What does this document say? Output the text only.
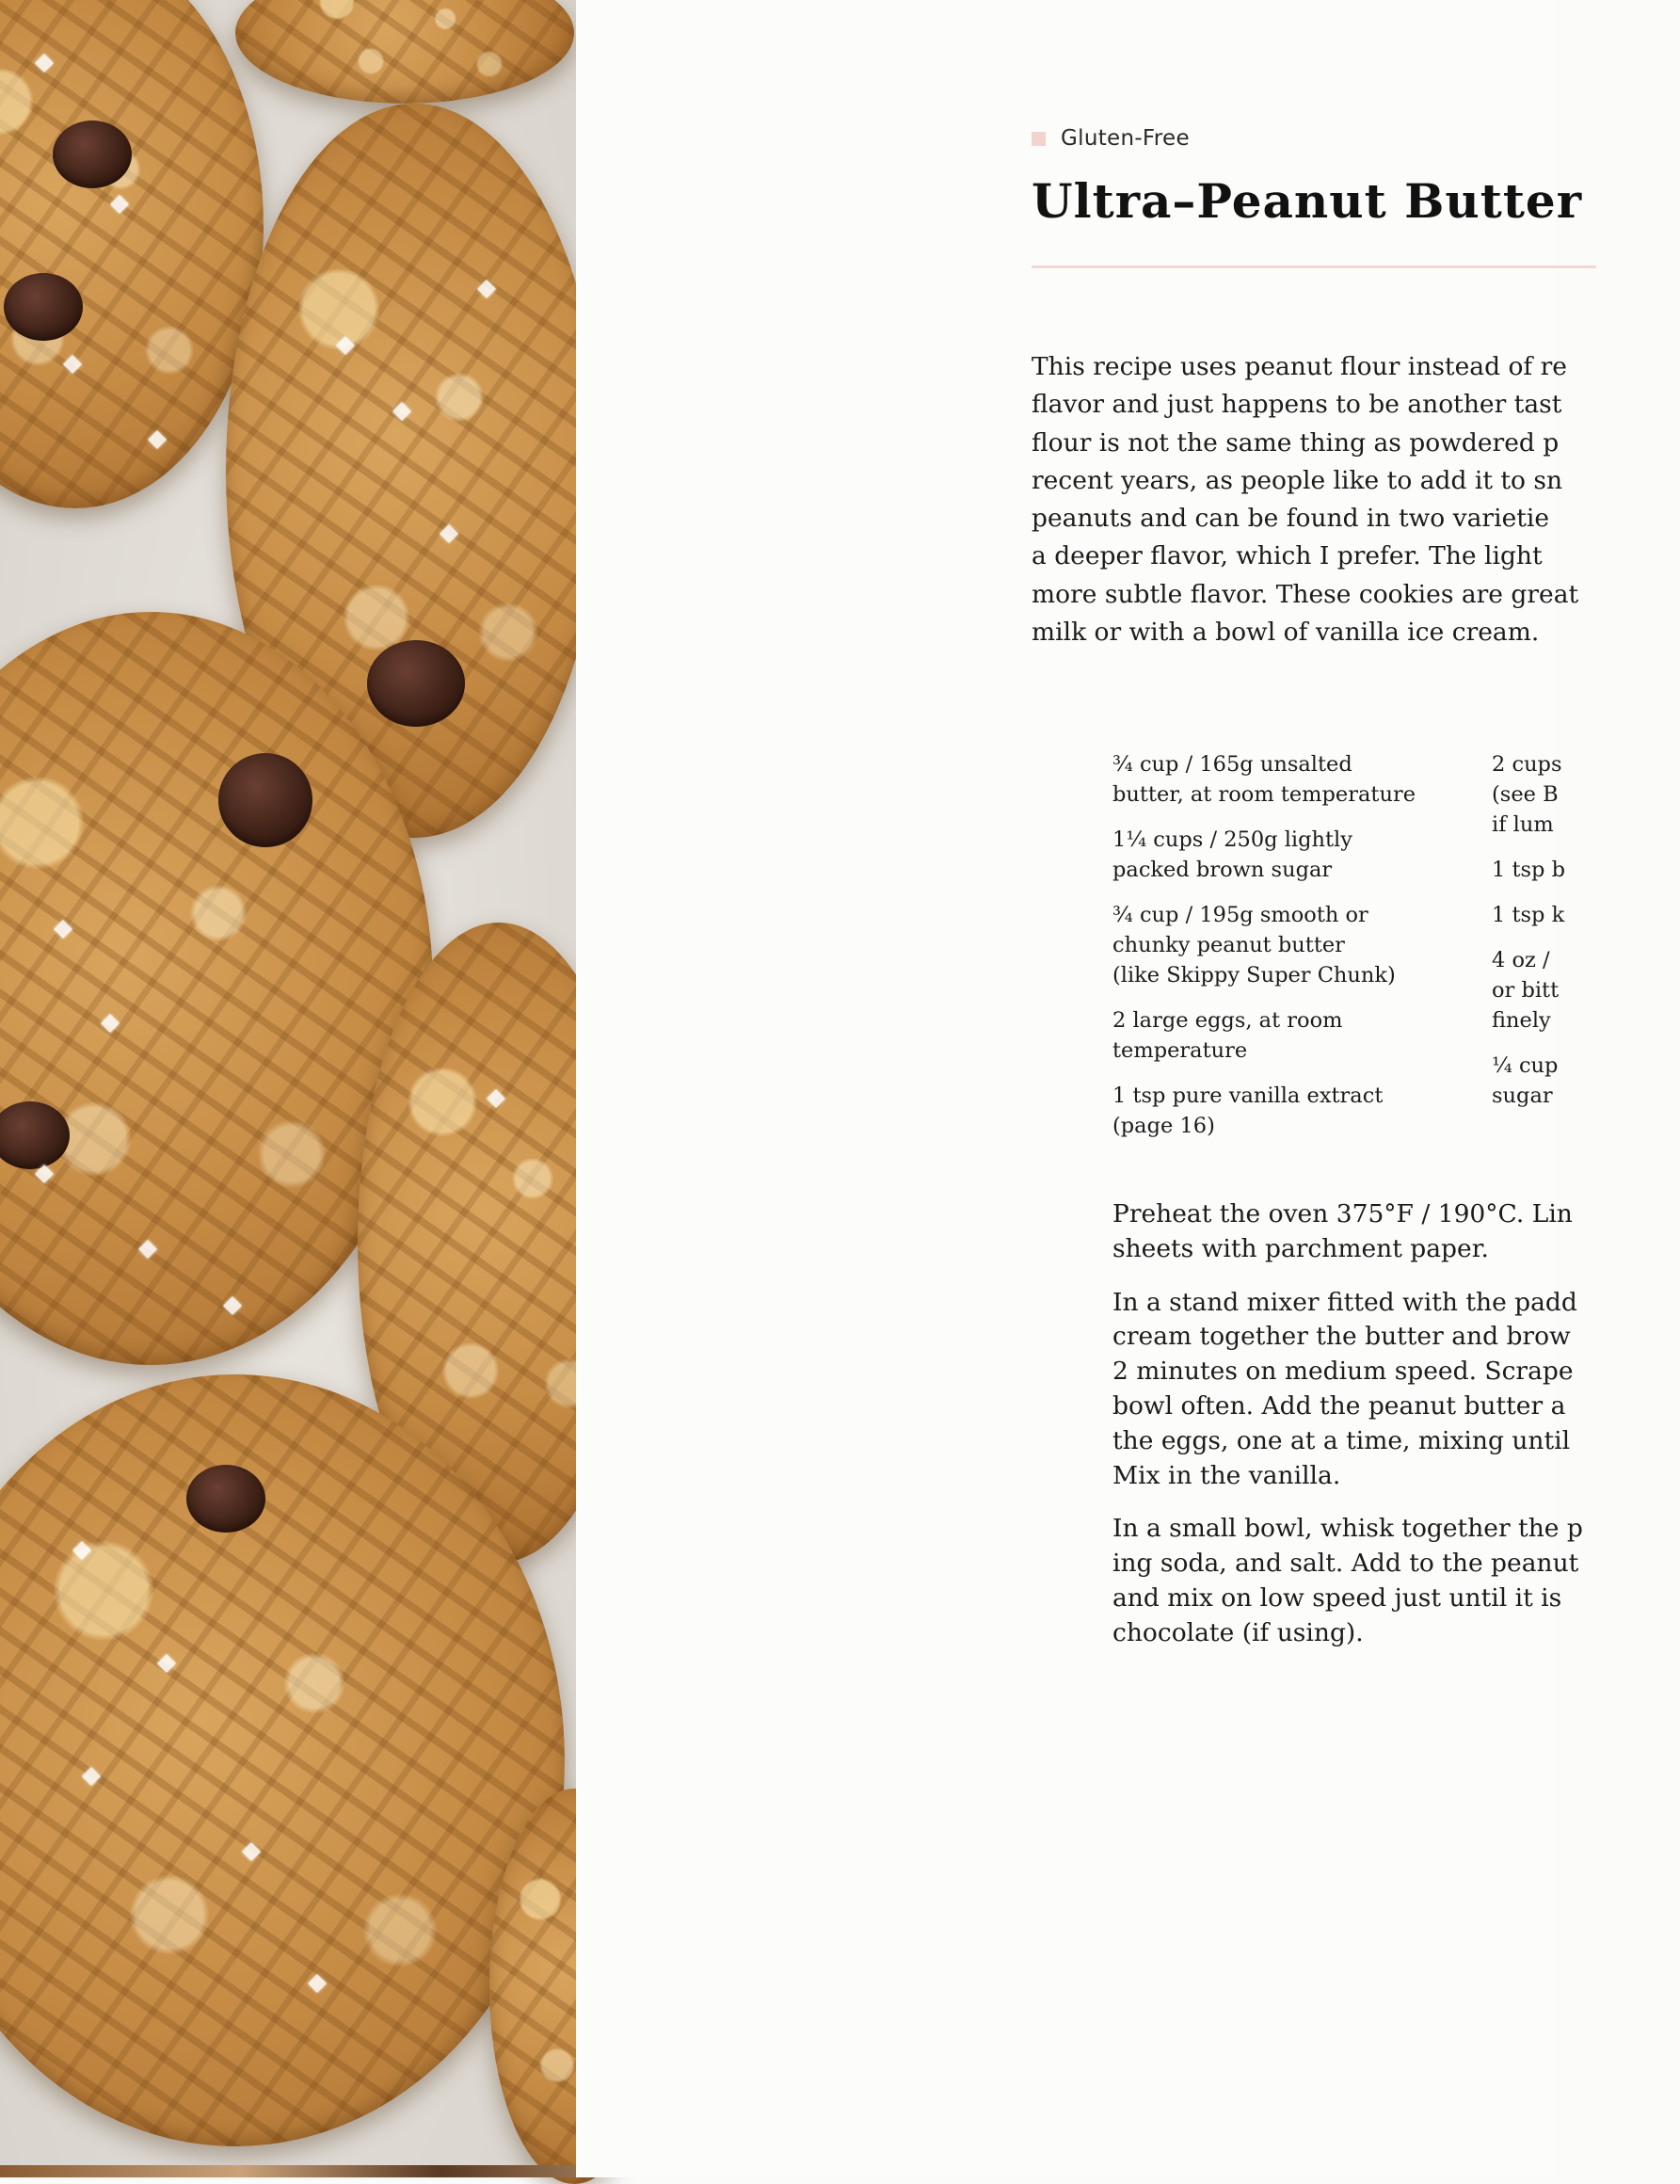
Gluten-Free
Ultra–Peanut Butter
This recipe uses peanut flour instead of re
flavor and just happens to be another tast
flour is not the same thing as powdered p
recent years, as people like to add it to sn
peanuts and can be found in two varietie
a deeper flavor, which I prefer. The light
more subtle flavor. These cookies are great
milk or with a bowl of vanilla ice cream.
¾ cup / 165g unsalted
butter, at room temperature
1¼ cups / 250g lightly
packed brown sugar
¾ cup / 195g smooth or
chunky peanut butter
(like Skippy Super Chunk)
2 large eggs, at room
temperature
1 tsp pure vanilla extract
(page 16)
2 cups
(see B
if lum
1 tsp b
1 tsp k
4 oz /
or bitt
finely
¼ cup
sugar
Preheat the oven 375°F / 190°C. Lin
sheets with parchment paper.
In a stand mixer fitted with the padd
cream together the butter and brow
2 minutes on medium speed. Scrape
bowl often. Add the peanut butter a
the eggs, one at a time, mixing until
Mix in the vanilla.
In a small bowl, whisk together the p
ing soda, and salt. Add to the peanut
and mix on low speed just until it is
chocolate (if using).
